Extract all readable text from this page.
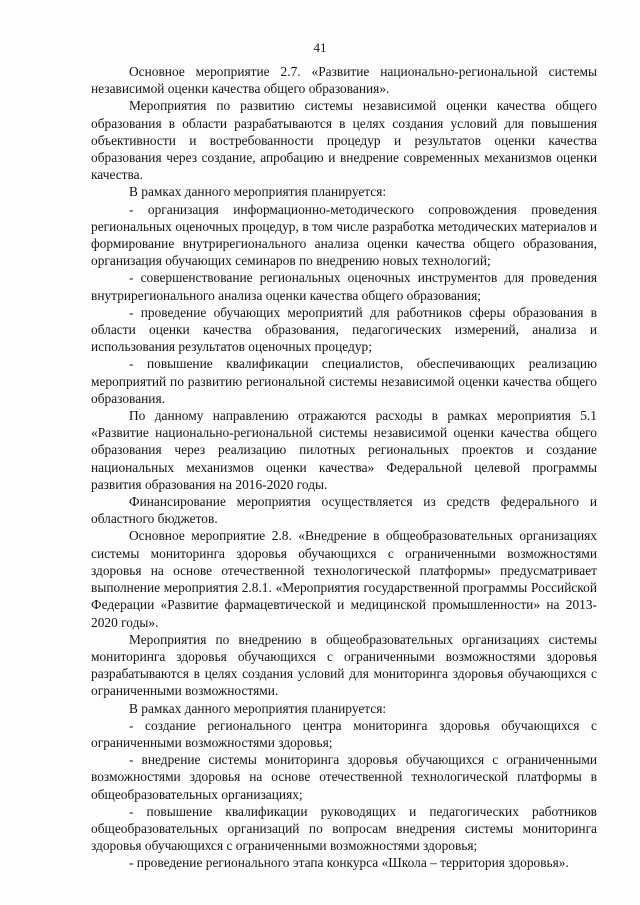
41

Основное мероприятие 2.7. «Развитие национально-региональной системы независимой оценки качества общего образования».

Мероприятия по развитию системы независимой оценки качества общего образования в области разрабатываются в целях создания условий для повышения объективности и востребованности процедур и результатов оценки качества образования через создание, апробацию и внедрение современных механизмов оценки качества.

В рамках данного мероприятия планируется:

- организация информационно-методического сопровождения проведения региональных оценочных процедур, в том числе разработка методических материалов и формирование внутрирегионального анализа оценки качества общего образования, организация обучающих семинаров по внедрению новых технологий;

- совершенствование региональных оценочных инструментов для проведения внутрирегионального анализа оценки качества общего образования;

- проведение обучающих мероприятий для работников сферы образования в области оценки качества образования, педагогических измерений, анализа и использования результатов оценочных процедур;

- повышение квалификации специалистов, обеспечивающих реализацию мероприятий по развитию региональной системы независимой оценки качества общего образования.

По данному направлению отражаются расходы в рамках мероприятия 5.1 «Развитие национально-региональной системы независимой оценки качества общего образования через реализацию пилотных региональных проектов и создание национальных механизмов оценки качества» Федеральной целевой программы развития образования на 2016-2020 годы.

Финансирование мероприятия осуществляется из средств федерального и областного бюджетов.

Основное мероприятие 2.8. «Внедрение в общеобразовательных организациях системы мониторинга здоровья обучающихся с ограниченными возможностями здоровья на основе отечественной технологической платформы» предусматривает выполнение мероприятия 2.8.1. «Мероприятия государственной программы Российской Федерации «Развитие фармацевтической и медицинской промышленности» на 2013-2020 годы».

Мероприятия по внедрению в общеобразовательных организациях системы мониторинга здоровья обучающихся с ограниченными возможностями здоровья разрабатываются в целях создания условий для мониторинга здоровья обучающихся с ограниченными возможностями.

В рамках данного мероприятия планируется:

- создание регионального центра мониторинга здоровья обучающихся с ограниченными возможностями здоровья;

- внедрение системы мониторинга здоровья обучающихся с ограниченными возможностями здоровья на основе отечественной технологической платформы в общеобразовательных организациях;

- повышение квалификации руководящих и педагогических работников общеобразовательных организаций по вопросам внедрения системы мониторинга здоровья обучающихся с ограниченными возможностями здоровья;

- проведение регионального этапа конкурса «Школа – территория здоровья».
